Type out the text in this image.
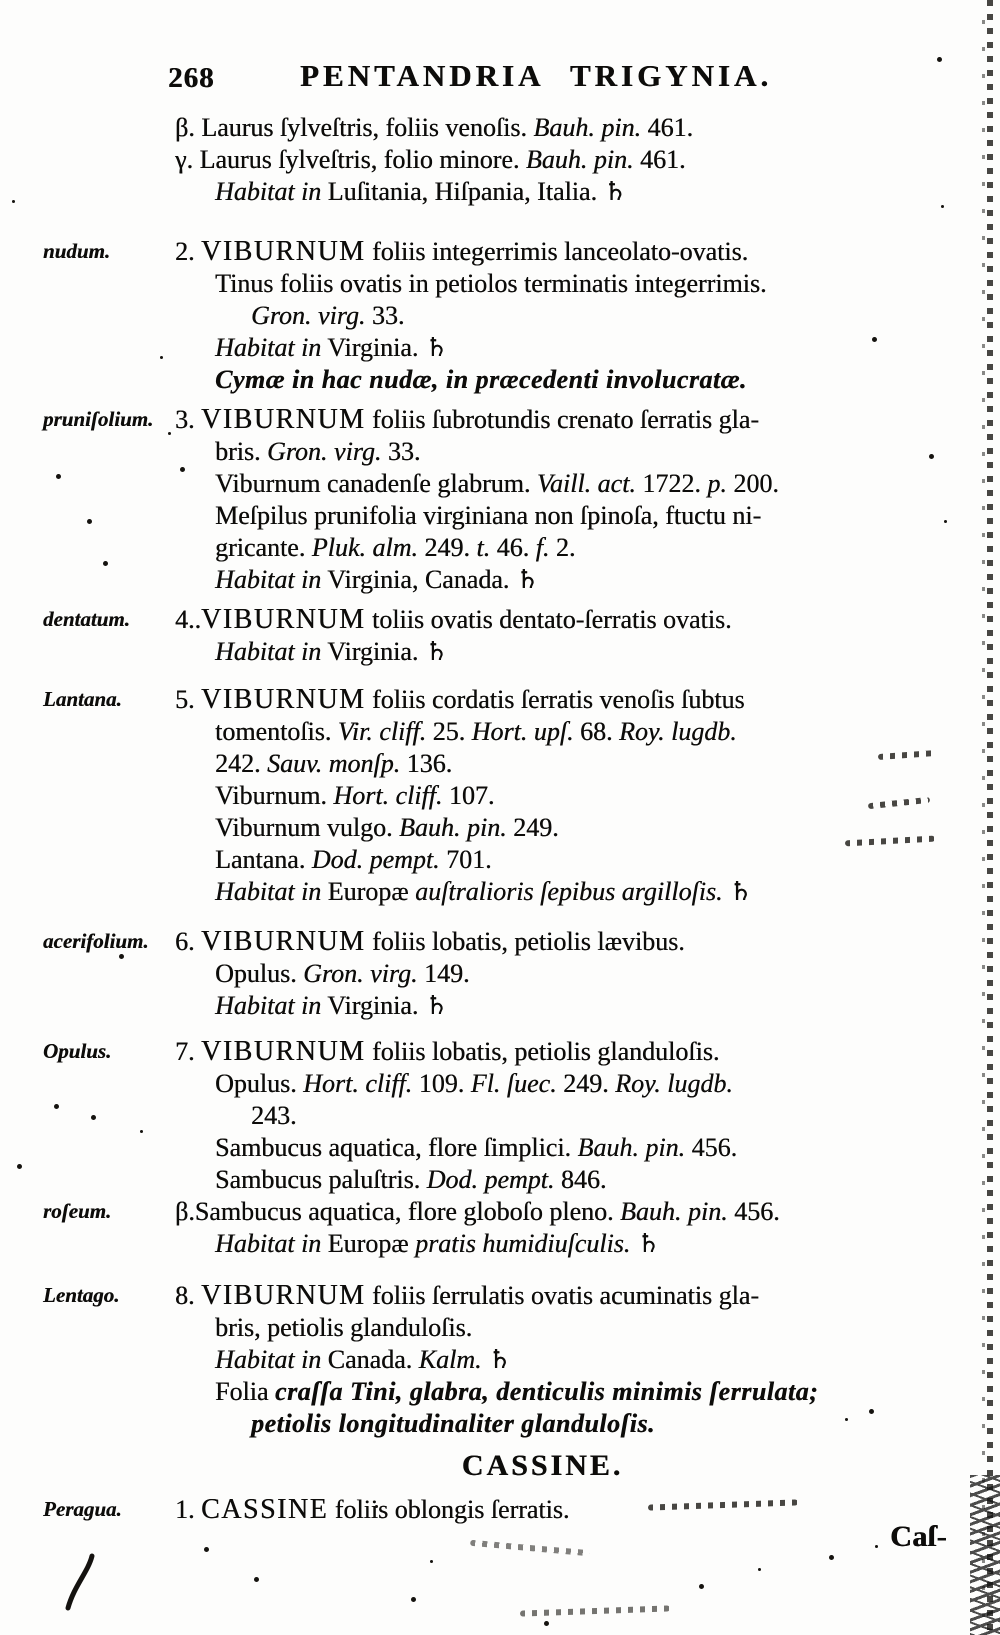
268	PENTANDRIA TRIGYNIA.
β. Laurus ſylveſtris, foliis venoſis. Bauh. pin. 461.
γ. Laurus ſylveſtris, folio minore. Bauh. pin. 461.
Habitat in Luſitania, Hiſpania, Italia. ♄
nudum.	2. VIBURNUM foliis integerrimis lanceolato-ovatis.
Tinus foliis ovatis in petiolos terminatis integerrimis.
Gron. virg. 33.
Habitat in Virginia. ♄
Cymæ in hac nudæ, in præcedenti involucratæ.
pruniſolium. 3. VIBURNUM foliis ſubrotundis crenato ſerratis gla-
bris. Gron. virg. 33.
Viburnum canadenſe glabrum. Vaill. act. 1722. p. 200.
Meſpilus prunifolia virginiana non ſpinoſa, ftuctu ni-
gricante. Pluk. alm. 249. t. 46. f. 2.
Habitat in Virginia, Canada. ♄
dentatum.	4..VIBURNUM toliis ovatis dentato-ſerratis ovatis.
Habitat in Virginia. ♄
Lantana.	5. VIBURNUM foliis cordatis ſerratis venoſis ſubtus
tomentoſis. Vir. cliff. 25. Hort. upſ. 68. Roy. lugdb.
242. Sauv. monſp. 136.
Viburnum. Hort. cliff. 107.
Viburnum vulgo. Bauh. pin. 249.
Lantana. Dod. pempt. 701.
Habitat in Europæ auſtralioris ſepibus argilloſis. ♄
acerifolium.	6. VIBURNUM foliis lobatis, petiolis lævibus.
Opulus. Gron. virg. 149.
Habitat in Virginia. ♄
Opulus.	7. VIBURNUM foliis lobatis, petiolis glanduloſis.
Opulus. Hort. cliff. 109. Fl. ſuec. 249. Roy. lugdb.
243.
Sambucus aquatica, flore ſimplici. Bauh. pin. 456.
Sambucus paluſtris. Dod. pempt. 846.
roſeum.	β.Sambucus aquatica, flore globoſo pleno. Bauh. pin. 456.
Habitat in Europæ pratis humidiuſculis. ♄
Lentago.	8. VIBURNUM foliis ſerrulatis ovatis acuminatis gla-
bris, petiolis glanduloſis.
Habitat in Canada. Kalm. ♄
Folia craſſa Tini, glabra, denticulis minimis ſerrulata;
petiolis longitudinaliter glanduloſis.
CASSINE.
Peragua.	1. CASSINE foliis oblongis ſerratis.
Caſ-
